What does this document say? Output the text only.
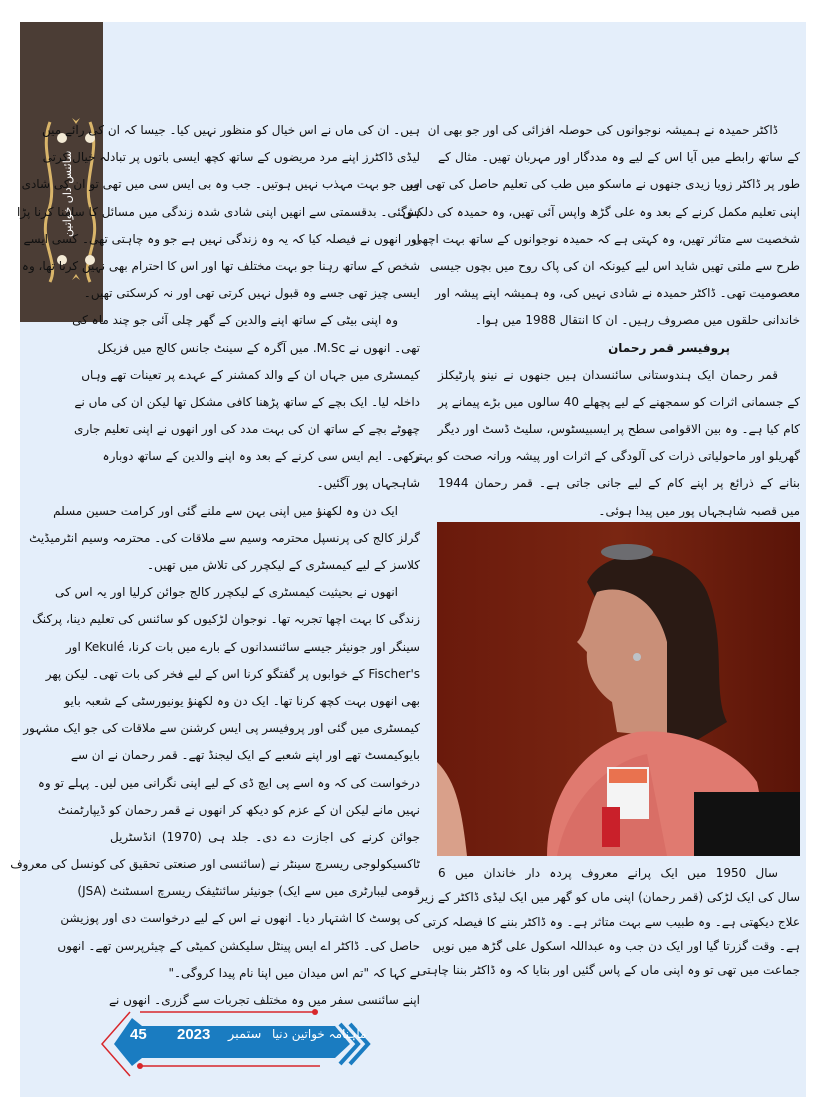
سائنس داں خواتین
ہیں۔ ان کی ماں نے اس خیال کو منظور نہیں کیا۔ جیسا کہ ان کی رائے میں
لیڈی ڈاکٹرز اپنے مرد مریضوں کے ساتھ کچھ ایسی باتوں پر تبادلہ خیال کرتی
ہیں جو بہت مہذب نہیں ہوتیں۔ جب وہ بی ایس سی میں تھی تو ان کی شادی
ہوگئی۔ بدقسمتی سے انھیں اپنی شادی شدہ زندگی میں مسائل کا سامنا کرنا پڑا
اور انھوں نے فیصلہ کیا کہ یہ وہ زندگی نہیں ہے جو وہ چاہتی تھی۔ کسی ایسے
شخص کے ساتھ رہنا جو بہت مختلف تھا اور اس کا احترام بھی نہیں کرتا تھا، وہ
ایسی چیز تھی جسے وہ قبول نہیں کرتی تھی اور نہ کرسکتی تھیں۔
وہ اپنی بیٹی کے ساتھ اپنے والدین کے گھر چلی آئی جو چند ماہ کی
تھی۔ انھوں نے M.Sc. میں آگرہ کے سینٹ جانس کالج میں فزیکل
کیمسٹری میں جہاں ان کے والد کمشنر کے عہدے پر تعینات تھے وہاں
داخلہ لیا۔ ایک بچے کے ساتھ پڑھنا کافی مشکل تھا لیکن ان کی ماں نے
چھوٹے بچے کے ساتھ ان کی بہت مدد کی اور انھوں نے اپنی تعلیم جاری
رکھی۔ ایم ایس سی کرنے کے بعد وہ اپنے والدین کے ساتھ دوبارہ
شاہجہاں پور آگئیں۔
ایک دن وہ لکھنؤ میں اپنی بہن سے ملنے گئی اور کرامت حسین مسلم
گرلز کالج کی پرنسپل محترمہ وسیم سے ملاقات کی۔ محترمہ وسیم انٹرمیڈیٹ
کلاسز کے لیے کیمسٹری کے لیکچرر کی تلاش میں تھیں۔
انھوں نے بحیثیت کیمسٹری کے لیکچرر کالج جوائن کرلیا اور یہ اس کی
زندگی کا بہت اچھا تجربہ تھا۔ نوجوان لڑکیوں کو سائنس کی تعلیم دینا، پرکنگ
سینگر اور جونیئر جیسے سائنسدانوں کے بارے میں بات کرنا، Kekulé اور
Fischer's کے خوابوں پر گفتگو کرنا اس کے لیے فخر کی بات تھی۔ لیکن پھر
بھی انھوں بہت کچھ کرنا تھا۔ ایک دن وہ لکھنؤ یونیورسٹی کے شعبہ بایو
کیمسٹری میں گئی اور پروفیسر پی ایس کرشنن سے ملاقات کی جو ایک مشہور
بایوکیمسٹ تھے اور اپنے شعبے کے ایک لیجنڈ تھے۔ قمر رحمان نے ان سے
درخواست کی کہ وہ اسے پی ایچ ڈی کے لیے اپنی نگرانی میں لیں۔ پہلے تو وہ
نہیں مانے لیکن ان کے عزم کو دیکھ کر انھوں نے قمر رحمان کو ڈیپارٹمنٹ
جوائن کرنے کی اجازت دے دی۔ جلد ہی (1970) انڈسٹریل
ٹاکسیکولوجی ریسرچ سینٹر نے (سائنسی اور صنعتی تحقیق کی کونسل کی معروف
قومی لیبارٹری میں سے ایک) جونیئر سائنٹیفک ریسرچ اسسٹنٹ (JSA)
کی پوسٹ کا اشتہار دیا۔ انھوں نے اس کے لیے درخواست دی اور پوزیشن
حاصل کی۔ ڈاکٹر اے ایس پینٹل سلیکشن کمیٹی کے چیئرپرسن تھے۔ انھوں
نے کہا کہ "تم اس میدان میں اپنا نام پیدا کروگی۔"
اپنے سائنسی سفر میں وہ مختلف تجربات سے گزری۔ انھوں نے
ڈاکٹر حمیدہ نے ہمیشہ نوجوانوں کی حوصلہ افزائی کی اور جو بھی ان
کے ساتھ رابطے میں آیا اس کے لیے وہ مددگار اور مہربان تھیں۔ مثال کے
طور پر ڈاکٹر زویا زیدی جنھوں نے ماسکو میں طب کی تعلیم حاصل کی تھی اور
اپنی تعلیم مکمل کرنے کے بعد وہ علی گڑھ واپس آئی تھیں، وہ حمیدہ کی دلکش
شخصیت سے متاثر تھیں، وہ کہتی ہے کہ حمیدہ نوجوانوں کے ساتھ بہت اچھی
طرح سے ملتی تھیں شاید اس لیے کیونکہ ان کی پاک روح میں بچوں جیسی
معصومیت تھی۔ ڈاکٹر حمیدہ نے شادی نہیں کی، وہ ہمیشہ اپنے پیشہ اور
خاندانی حلقوں میں مصروف رہیں۔ ان کا انتقال 1988 میں ہوا۔
پروفیسر قمر رحمان
قمر رحمان ایک ہندوستانی سائنسدان ہیں جنھوں نے نینو پارٹیکلز
کے جسمانی اثرات کو سمجھنے کے لیے پچھلے 40 سالوں میں بڑے پیمانے پر
کام کیا ہے۔ وہ بین الاقوامی سطح پر ایسبیسٹوس، سلیٹ ڈسٹ اور دیگر
گھریلو اور ماحولیاتی ذرات کی آلودگی کے اثرات اور پیشہ ورانہ صحت کو بہتر
بنانے کے ذرائع پر اپنے کام کے لیے جانی جاتی ہے۔ قمر رحمان 1944
میں قصبہ شاہجہاں پور میں پیدا ہوئی۔
سال 1950 میں ایک پرانے معروف پردہ دار خاندان میں 6
سال کی ایک لڑکی (قمر رحمان) اپنی ماں کو گھر میں ایک لیڈی ڈاکٹر کے زیر
علاج دیکھتی ہے۔ وہ طبیب سے بہت متاثر ہے۔ وہ ڈاکٹر بننے کا فیصلہ کرتی
ہے۔ وقت گزرتا گیا اور ایک دن جب وہ عبداللہ اسکول علی گڑھ میں نویں
جماعت میں تھی تو وہ اپنی ماں کے پاس گئیں اور بتایا کہ وہ ڈاکٹر بننا چاہتی
45 2023 ستمبر ماہنامہ خواتین دنیا
